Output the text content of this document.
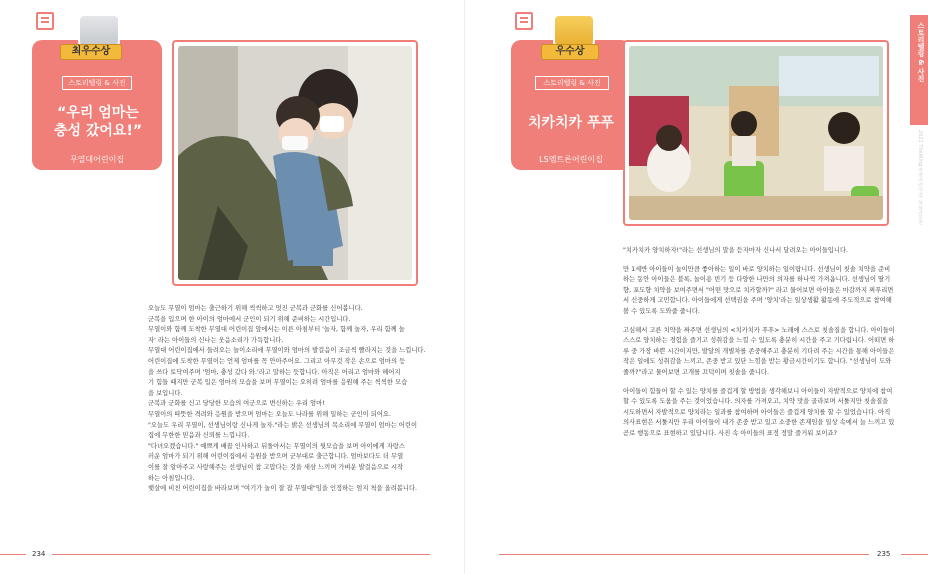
최우수상
스토리텔링 & 사진
“우리 엄마는
충성 갔어요!”
무열대어린이집

오늘도 무열이 엄마는 출근하기 위해 씩씩하고 멋진 군복과 군화를 신어봅니다.

군복을 입으며 한 아이의 엄마에서 군인이 되기 위해 준비하는 시간입니다.

무열이와 함께 도착한 무열대 어린이집 앞에서는 이른 아침부터 '놀자, 함께 놀자, 우리 함께 놀

자' 라는 아이들의 신나는 웃음소리가 가득합니다.

무열대 어린이집에서 들려오는 놀이소리에 무열이와 엄마의 발걸음이 조금씩 빨라지는 것을 느낍니다.

어린이집에 도착한 무열이는 언제 엄마를 꼭 안아주어요. 그리고 아무것 작은 손으로 엄마의 등

을 쓰다 토닥여주며 '엄마, 충성 갔다 와.'라고 말하는 듯합니다. 아직은 어리고 엄마와 헤어지

기 힘들 때지만 군복 입은 엄마의 모습을 보며 무열이는 오히려 엄마를 응원해 주는 씩씩한 모습

을 보입니다.

군복과 군화를 신고 당당한 모습의 여군으로 변신하는 우리 엄마!

무열이의 따뜻한 격려와 응원을 받으며 엄마는 오늘도 나라를 위해 일하는 군인이 되어요.

"오늘도 우리 무열이, 선생님이랑 신나게 놀자."라는 밝은 선생님의 목소리에 무열이 엄마는 어린이

집에 무한한 믿음과 신뢰를 느낍니다.

"다녀오겠습니다." 예쁘게 배꼽 인사하고 뒤돌아서는 무열이의 뒷모습을 보며 아이에게 자랑스

러운 엄마가 되기 위해 어린이집에서 응원을 받으며 군부대로 출근합니다. 엄마보다도 더 무열

이를 잘 알아주고 사랑해주는 선생님이 참 고맙다는 것을 새삼 느끼며 가벼운 발걸음으로 시작

하는 아침입니다.

햇살에 비친 어린이집을 바라보며 "여기가 놀이 잘 잡 무열대"임을 인정하는 엄지 척을 올려봅니다.

234
우수상
스토리텔링 & 사진
치카치카 푸푸
LS엠트론어린이집

"치카치카 양치하자!"라는 선생님의 말을 듣자마자 신나서 달려오는 아이들입니다.

만 1세반 아이들이 놀이만큼 좋아하는 일이 바로 양치하는 일이랍니다. 선생님이 칫솔 치약을 준비

하는 동안 아이들은 블록, 놀이용 빈기 등 다양한 나만의 의자를 하나씩 가져옵니다. 선생님이 딸기

향, 포도향 치약을 보여주면서 "어떤 맛으로 치카할까?" 라고 물어보면 아이들은 마감까지 찌푸리면

서 신중하게 고민합니다. 아이들에게 선택권을 주며 '양치'라는 일상생활 활동에 주도적으로 참여해

볼 수 있도록 도와줍 줍니다.

고심해서 고른 치약을 짜주면 선생님의 <치카치카 푸푸> 노래에 스스로 칫솔질을 합니다. 아이들이

스스로 양치하는 경험을 즐기고 성취감을 느낄 수 있도록 충분히 시간을 주고 기다립니다. 어떠면 하

루 중 가장 바쁜 시간이지만, 발달의 개별차를 존중해주고 충분히 기다려 주는 시간을 통해 아이들은

작은 일에도 성취감을 느끼고, 존중 받고 있단 느낌을 받는 황금시간이기도 합니다. "선생님이 도와

줄까?"라고 물어보면 고개를 끄덕이며 칫솔을 줍니다.

아이들이 힘들어 할 수 있는 양치를 즐겁게 할 방법을 생각해보니 아이들이 자발적으로 양치에 참여

할 수 있도록 도움을 주는 것이었습니다. 의자를 가져오고, 치약 맛을 골라보며 서툴지만 칫솔질을

시도하면서 자발적으로 양치라는 일과를 참여하며 아이들은 즐겁게 양치를 할 수 있었습니다. 아직

의사표현은 서툴지만 우리 아이들이 내가 존중 받고 있고 소중한 존재임을 일상 속에서 늘 느끼고 있

곧로 행동으로 표현하고 있답니다. 사진 속 아이들의 표정 정말 즐거워 보이죠?

스토리텔링 & 사진
2021 TheWing 직장어린이집 보육공모전
235
